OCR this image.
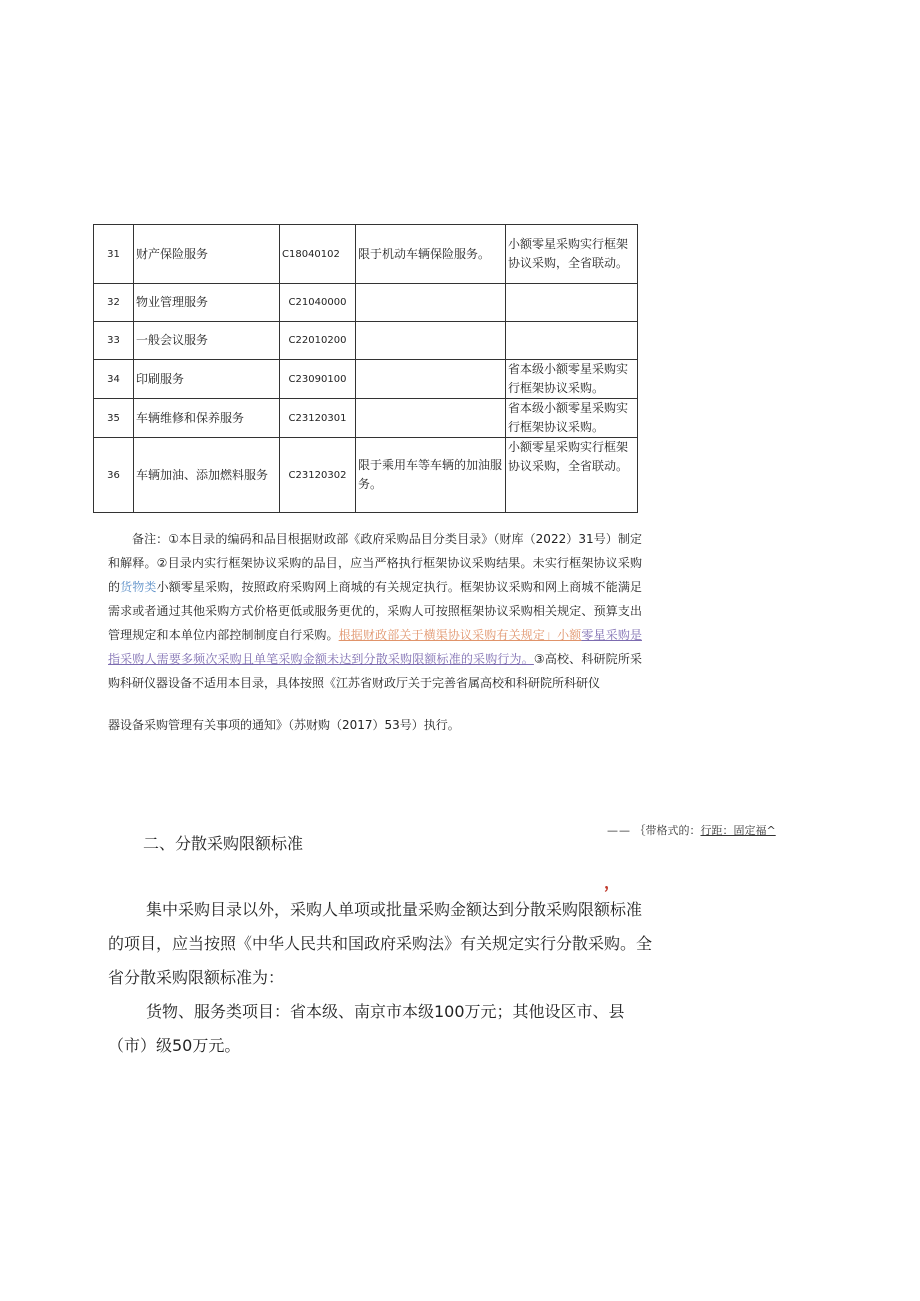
31	财产保险服务	C18040102	限于机动车辆保险服务。	小额零星采购实行框架协议采购，全省联动。
32	物业管理服务	C21040000		
33	一般会议服务	C22010200		
34	印刷服务	C23090100		省本级小额零星采购实行框架协议采购。
35	车辆维修和保养服务	C23120301		省本级小额零星采购实行框架协议采购。
36	车辆加油、添加燃料服务	C23120302	限于乘用车等车辆的加油服务。	小额零星采购实行框架协议采购，全省联动。
备注：①本目录的编码和品目根据财政部《政府采购品目分类目录》（财库（2022）31号）制定和解释。②目录内实行框架协议采购的品目，应当严格执行框架协议采购结果。未实行框架协议采购的货物类小额零星采购，按照政府采购网上商城的有关规定执行。框架协议采购和网上商城不能满足需求或者通过其他采购方式价格更低或服务更优的，采购人可按照框架协议采购相关规定、预算支出管理规定和本单位内部控制制度自行采购。根据财政部关于横渠协议采购有关规定」小额零星采购是指采购人需要多频次采购且单笔采购金额未达到分散采购限额标准的采购行为。③高校、科研院所采购科研仪器设备不适用本目录，具体按照《江苏省财政厅关于完善省属高校和科研院所科研仪
器设备采购管理有关事项的通知》（苏财购（2017）53号）执行。
—— ｛带格式的：行距：固定福^
，
二、分散采购限额标准
集中采购目录以外，采购人单项或批量采购金额达到分散采购限额标准的项目，应当按照《中华人民共和国政府采购法》有关规定实行分散采购。全省分散采购限额标准为：
货物、服务类项目：省本级、南京市本级100万元；其他设区市、县（市）级50万元。
